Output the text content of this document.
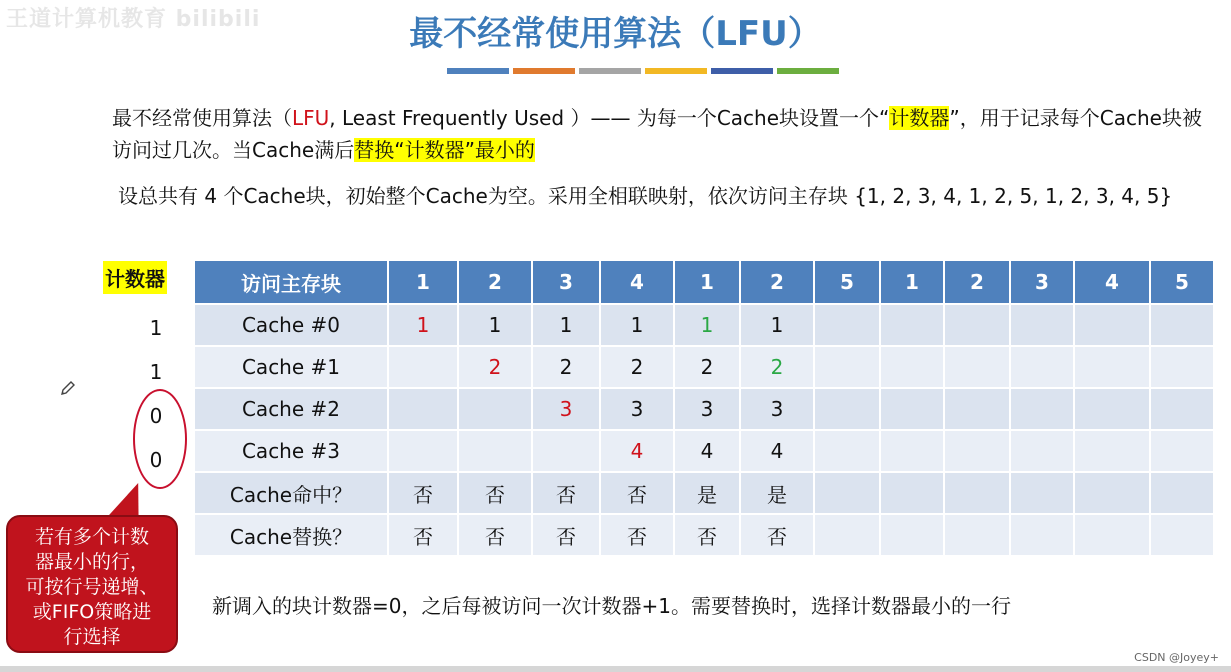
王道计算机教育 bilibili	最不经常使用算法（LFU）
最不经常使用算法（LFU, Least Frequently Used ）—— 为每一个Cache块设置一个“计数器”，用于记录每个Cache块被访问过几次。当Cache满后替换“计数器”最小的
设总共有 4 个Cache块，初始整个Cache为空。采用全相联映射，依次访问主存块 {1, 2, 3, 4, 1, 2, 5, 1, 2, 3, 4, 5}
计数器
1
1
0
0
访问主存块	1	2	3	4	1	2	5	1	2	3	4	5
Cache #0	1	1	1	1	1	1						
Cache #1		2	2	2	2	2						
Cache #2			3	3	3	3						
Cache #3				4	4	4						
Cache命中？	否	否	否	否	是	是						
Cache替换？	否	否	否	否	否	否						
若有多个计数
器最小的行，
可按行号递增、
或FIFO策略进
行选择
新调入的块计数器=0，之后每被访问一次计数器+1。需要替换时，选择计数器最小的一行
CSDN @Joyey+
